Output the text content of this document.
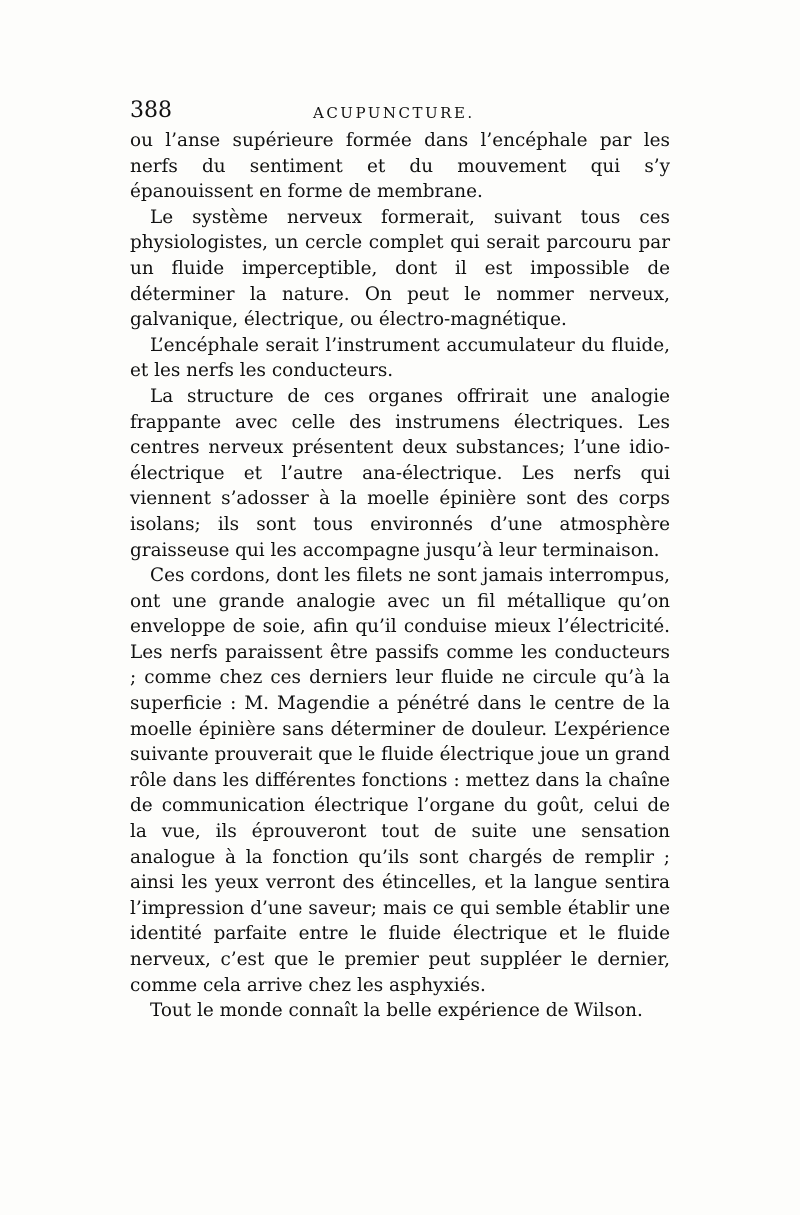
388	ACUPUNCTURE.

ou l’anse supérieure formée dans l’encéphale par les nerfs du sentiment et du mouvement qui s’y épanouissent en forme de membrane.

Le système nerveux formerait, suivant tous ces physiologistes, un cercle complet qui serait parcouru par un fluide imperceptible, dont il est impossible de déterminer la nature. On peut le nommer nerveux, galvanique, électrique, ou électro-magnétique.

L’encéphale serait l’instrument accumulateur du fluide, et les nerfs les conducteurs.

La structure de ces organes offrirait une analogie frappante avec celle des instrumens électriques. Les centres nerveux présentent deux substances; l’une idio-électrique et l’autre ana-électrique. Les nerfs qui viennent s’adosser à la moelle épinière sont des corps isolans; ils sont tous environnés d’une atmosphère graisseuse qui les accompagne jusqu’à leur terminaison.

Ces cordons, dont les filets ne sont jamais interrompus, ont une grande analogie avec un fil métallique qu’on enveloppe de soie, afin qu’il conduise mieux l’électricité. Les nerfs paraissent être passifs comme les conducteurs ; comme chez ces derniers leur fluide ne circule qu’à la superficie : M. Magendie a pénétré dans le centre de la moelle épinière sans déterminer de douleur. L’expérience suivante prouverait que le fluide électrique joue un grand rôle dans les différentes fonctions : mettez dans la chaîne de communication électrique l’organe du goût, celui de la vue, ils éprouveront tout de suite une sensation analogue à la fonction qu’ils sont chargés de remplir ; ainsi les yeux verront des étincelles, et la langue sentira l’impression d’une saveur; mais ce qui semble établir une identité parfaite entre le fluide électrique et le fluide nerveux, c’est que le premier peut suppléer le dernier, comme cela arrive chez les asphyxiés.

Tout le monde connaît la belle expérience de Wilson.
